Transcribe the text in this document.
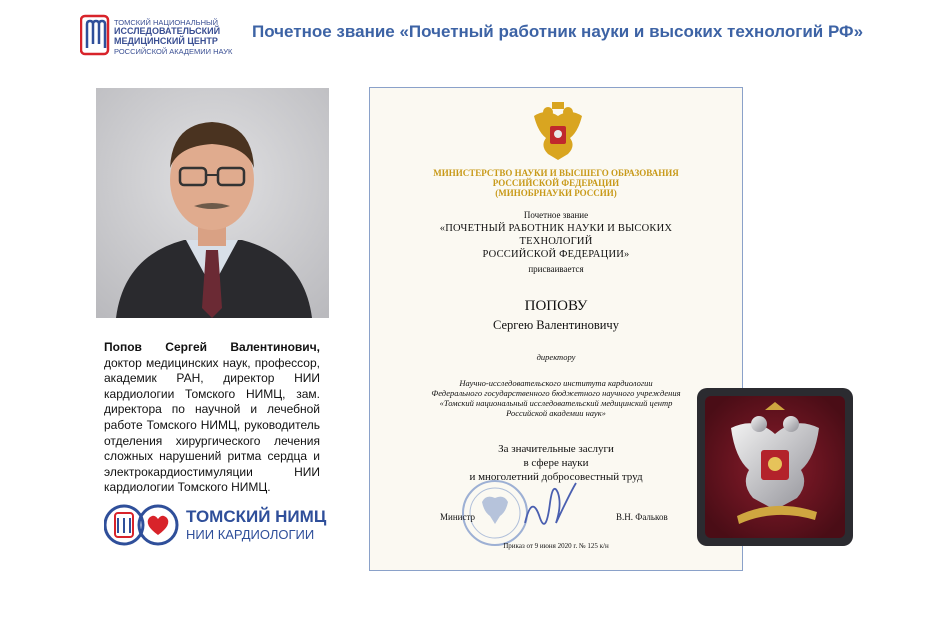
ТОМСКИЙ НАЦИОНАЛЬНЫЙ
ИССЛЕДОВАТЕЛЬСКИЙ
МЕДИЦИНСКИЙ ЦЕНТР
РОССИЙСКОЙ АКАДЕМИИ НАУК
Почетное звание «Почетный работник науки и высоких технологий РФ»
Попов Сергей Валентинович, доктор медицинских наук, профессор, академик РАН, директор НИИ кардиологии Томского НИМЦ, зам. директора по научной и лечебной работе Томского НИМЦ, руководитель отделения хирургического лечения сложных нарушений ритма сердца и электрокардиостимуляции НИИ кардиологии Томского НИМЦ.
ТОМСКИЙ НИМЦ
НИИ КАРДИОЛОГИИ
МИНИСТЕРСТВО НАУКИ И ВЫСШЕГО ОБРАЗОВАНИЯ
РОССИЙСКОЙ ФЕДЕРАЦИИ
(МИНОБРНАУКИ РОССИИ)
Почетное звание
«ПОЧЕТНЫЙ РАБОТНИК НАУКИ И ВЫСОКИХ
ТЕХНОЛОГИЙ
РОССИЙСКОЙ ФЕДЕРАЦИИ»
присваивается
ПОПОВУ
Сергею Валентиновичу
директору
Научно-исследовательского института кардиологии
Федерального государственного бюджетного научного учреждения
«Томский национальный исследовательский медицинский центр
Российской академии наук»
За значительные заслуги
в сфере науки
и многолетний добросовестный труд
Министр	В.Н. Фальков
Приказ от 9 июня 2020 г. № 125 к/н
